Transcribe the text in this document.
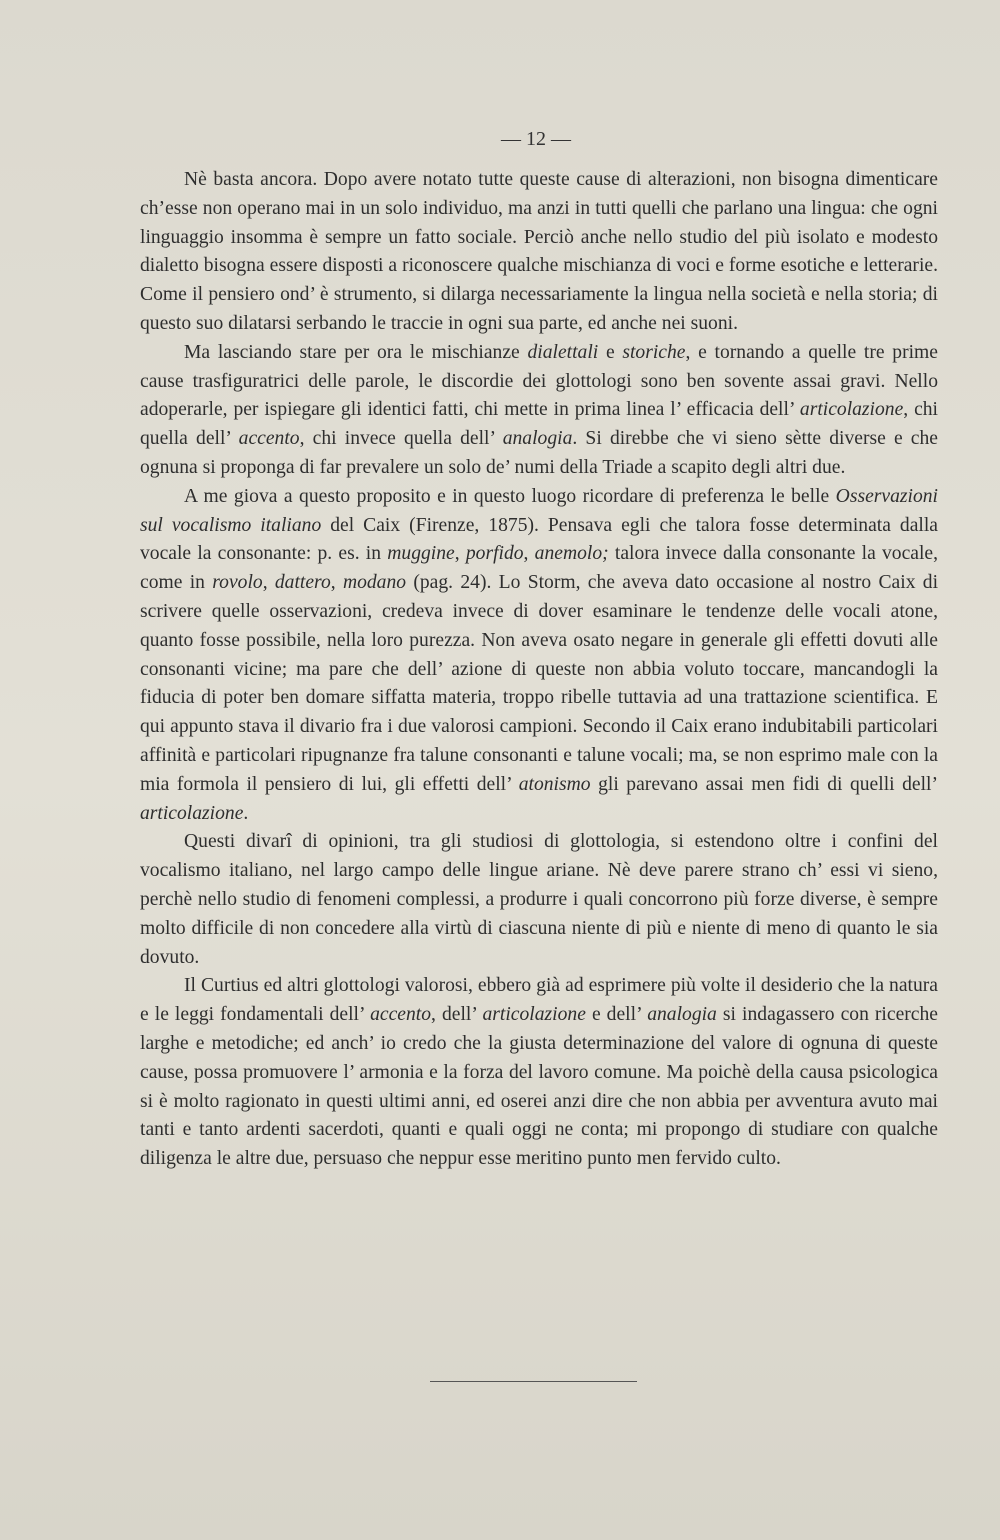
— 12 —

Nè basta ancora. Dopo avere notato tutte queste cause di alterazioni, non bisogna dimenticare ch’esse non operano mai in un solo individuo, ma anzi in tutti quelli che parlano una lingua: che ogni linguaggio insomma è sempre un fatto sociale. Perciò anche nello studio del più isolato e modesto dialetto bisogna essere disposti a riconoscere qualche mischianza di voci e forme esotiche e letterarie. Come il pensiero ond’ è strumento, si dilarga necessariamente la lingua nella società e nella storia; di questo suo dilatarsi serbando le traccie in ogni sua parte, ed anche nei suoni.

Ma lasciando stare per ora le mischianze dialettali e storiche, e tornando a quelle tre prime cause trasfiguratrici delle parole, le discordie dei glottologi sono ben sovente assai gravi. Nello adoperarle, per ispiegare gli identici fatti, chi mette in prima linea l’ efficacia dell’ articolazione, chi quella dell’ accento, chi invece quella dell’ analogia. Si direbbe che vi sieno sètte diverse e che ognuna si proponga di far prevalere un solo de’ numi della Triade a scapito degli altri due.

A me giova a questo proposito e in questo luogo ricordare di preferenza le belle Osservazioni sul vocalismo italiano del Caix (Firenze, 1875). Pensava egli che talora fosse determinata dalla vocale la consonante: p. es. in muggine, porfido, anemolo; talora invece dalla consonante la vocale, come in rovolo, dattero, modano (pag. 24). Lo Storm, che aveva dato occasione al nostro Caix di scrivere quelle osservazioni, credeva invece di dover esaminare le tendenze delle vocali atone, quanto fosse possibile, nella loro purezza. Non aveva osato negare in generale gli effetti dovuti alle consonanti vicine; ma pare che dell’ azione di queste non abbia voluto toccare, mancandogli la fiducia di poter ben domare siffatta materia, troppo ribelle tuttavia ad una trattazione scientifica. E qui appunto stava il divario fra i due valorosi campioni. Secondo il Caix erano indubitabili particolari affinità e particolari ripugnanze fra talune consonanti e talune vocali; ma, se non esprimo male con la mia formola il pensiero di lui, gli effetti dell’ atonismo gli parevano assai men fidi di quelli dell’ articolazione.

Questi divarî di opinioni, tra gli studiosi di glottologia, si estendono oltre i confini del vocalismo italiano, nel largo campo delle lingue ariane. Nè deve parere strano ch’ essi vi sieno, perchè nello studio di fenomeni complessi, a produrre i quali concorrono più forze diverse, è sempre molto difficile di non concedere alla virtù di ciascuna niente di più e niente di meno di quanto le sia dovuto.

Il Curtius ed altri glottologi valorosi, ebbero già ad esprimere più volte il desiderio che la natura e le leggi fondamentali dell’ accento, dell’ articolazione e dell’ analogia si indagassero con ricerche larghe e metodiche; ed anch’ io credo che la giusta determinazione del valore di ognuna di queste cause, possa promuovere l’ armonia e la forza del lavoro comune. Ma poichè della causa psicologica si è molto ragionato in questi ultimi anni, ed oserei anzi dire che non abbia per avventura avuto mai tanti e tanto ardenti sacerdoti, quanti e quali oggi ne conta; mi propongo di studiare con qualche diligenza le altre due, persuaso che neppur esse meritino punto men fervido culto.
